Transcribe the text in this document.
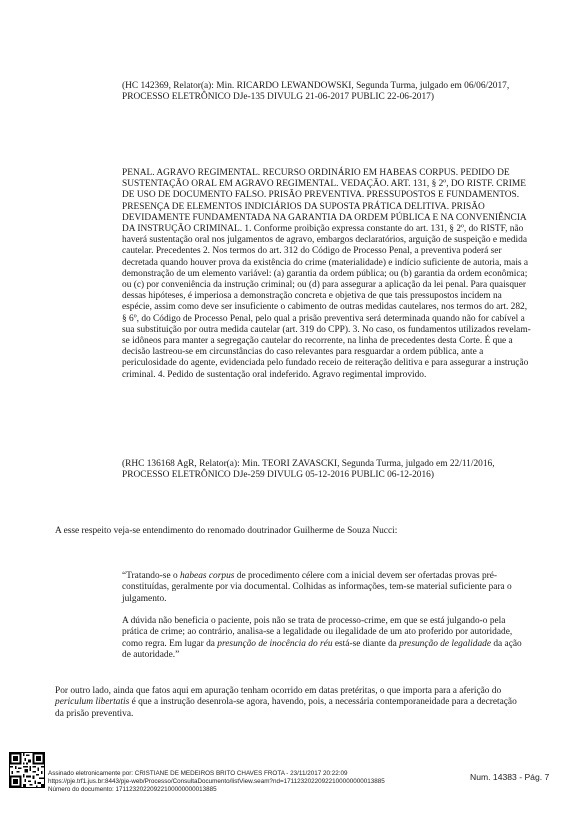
(HC 142369, Relator(a): Min. RICARDO LEWANDOWSKI, Segunda Turma, julgado em 06/06/2017, PROCESSO ELETRÔNICO DJe-135 DIVULG 21-06-2017 PUBLIC 22-06-2017)

PENAL. AGRAVO REGIMENTAL. RECURSO ORDINÁRIO EM HABEAS CORPUS. PEDIDO DE SUSTENTAÇÃO ORAL EM AGRAVO REGIMENTAL. VEDAÇÃO. ART. 131, § 2º, DO RISTF. CRIME DE USO DE DOCUMENTO FALSO. PRISÃO PREVENTIVA. PRESSUPOSTOS E FUNDAMENTOS. PRESENÇA DE ELEMENTOS INDICIÁRIOS DA SUPOSTA PRÁTICA DELITIVA. PRISÃO DEVIDAMENTE FUNDAMENTADA NA GARANTIA DA ORDEM PÚBLICA E NA CONVENIÊNCIA DA INSTRUÇÃO CRIMINAL. 1. Conforme proibição expressa constante do art. 131, § 2º, do RISTF, não haverá sustentação oral nos julgamentos de agravo, embargos declaratórios, arguição de suspeição e medida cautelar. Precedentes 2. Nos termos do art. 312 do Código de Processo Penal, a preventiva poderá ser decretada quando houver prova da existência do crime (materialidade) e indício suficiente de autoria, mais a demonstração de um elemento variável: (a) garantia da ordem pública; ou (b) garantia da ordem econômica; ou (c) por conveniência da instrução criminal; ou (d) para assegurar a aplicação da lei penal. Para quaisquer dessas hipóteses, é imperiosa a demonstração concreta e objetiva de que tais pressupostos incidem na espécie, assim como deve ser insuficiente o cabimento de outras medidas cautelares, nos termos do art. 282, § 6º, do Código de Processo Penal, pelo qual a prisão preventiva será determinada quando não for cabível a sua substituição por outra medida cautelar (art. 319 do CPP). 3. No caso, os fundamentos utilizados revelam-se idôneos para manter a segregação cautelar do recorrente, na linha de precedentes desta Corte. É que a decisão lastreou-se em circunstâncias do caso relevantes para resguardar a ordem pública, ante a periculosidade do agente, evidenciada pelo fundado receio de reiteração delitiva e para assegurar a instrução criminal. 4. Pedido de sustentação oral indeferido. Agravo regimental improvido.

(RHC 136168 AgR, Relator(a): Min. TEORI ZAVASCKI, Segunda Turma, julgado em 22/11/2016, PROCESSO ELETRÔNICO DJe-259 DIVULG 05-12-2016 PUBLIC 06-12-2016)

A esse respeito veja-se entendimento do renomado doutrinador Guilherme de Souza Nucci:

“Tratando-se o habeas corpus de procedimento célere com a inicial devem ser ofertadas provas pré-constituídas, geralmente por via documental. Colhidas as informações, tem-se material suficiente para o julgamento.

A dúvida não beneficia o paciente, pois não se trata de processo-crime, em que se está julgando-o pela prática de crime; ao contrário, analisa-se a legalidade ou ilegalidade de um ato proferido por autoridade, como regra. Em lugar da presunção de inocência do réu está-se diante da presunção de legalidade da ação de autoridade.”

Por outro lado, ainda que fatos aqui em apuração tenham ocorrido em datas pretéritas, o que importa para a aferição do periculum libertatis é que a instrução desenrola-se agora, havendo, pois, a necessária contemporaneidade para a decretação da prisão preventiva.

Assinado eletronicamente por: CRISTIANE DE MEDEIROS BRITO CHAVES FROTA - 23/11/2017 20:22:09
https://pje.trf1.jus.br:8443/pje-web/Processo/ConsultaDocumento/listView.seam?nd=17112320220922100000000013885
Número do documento: 17112320220922100000000013885
Num. 14383 - Pág. 7
